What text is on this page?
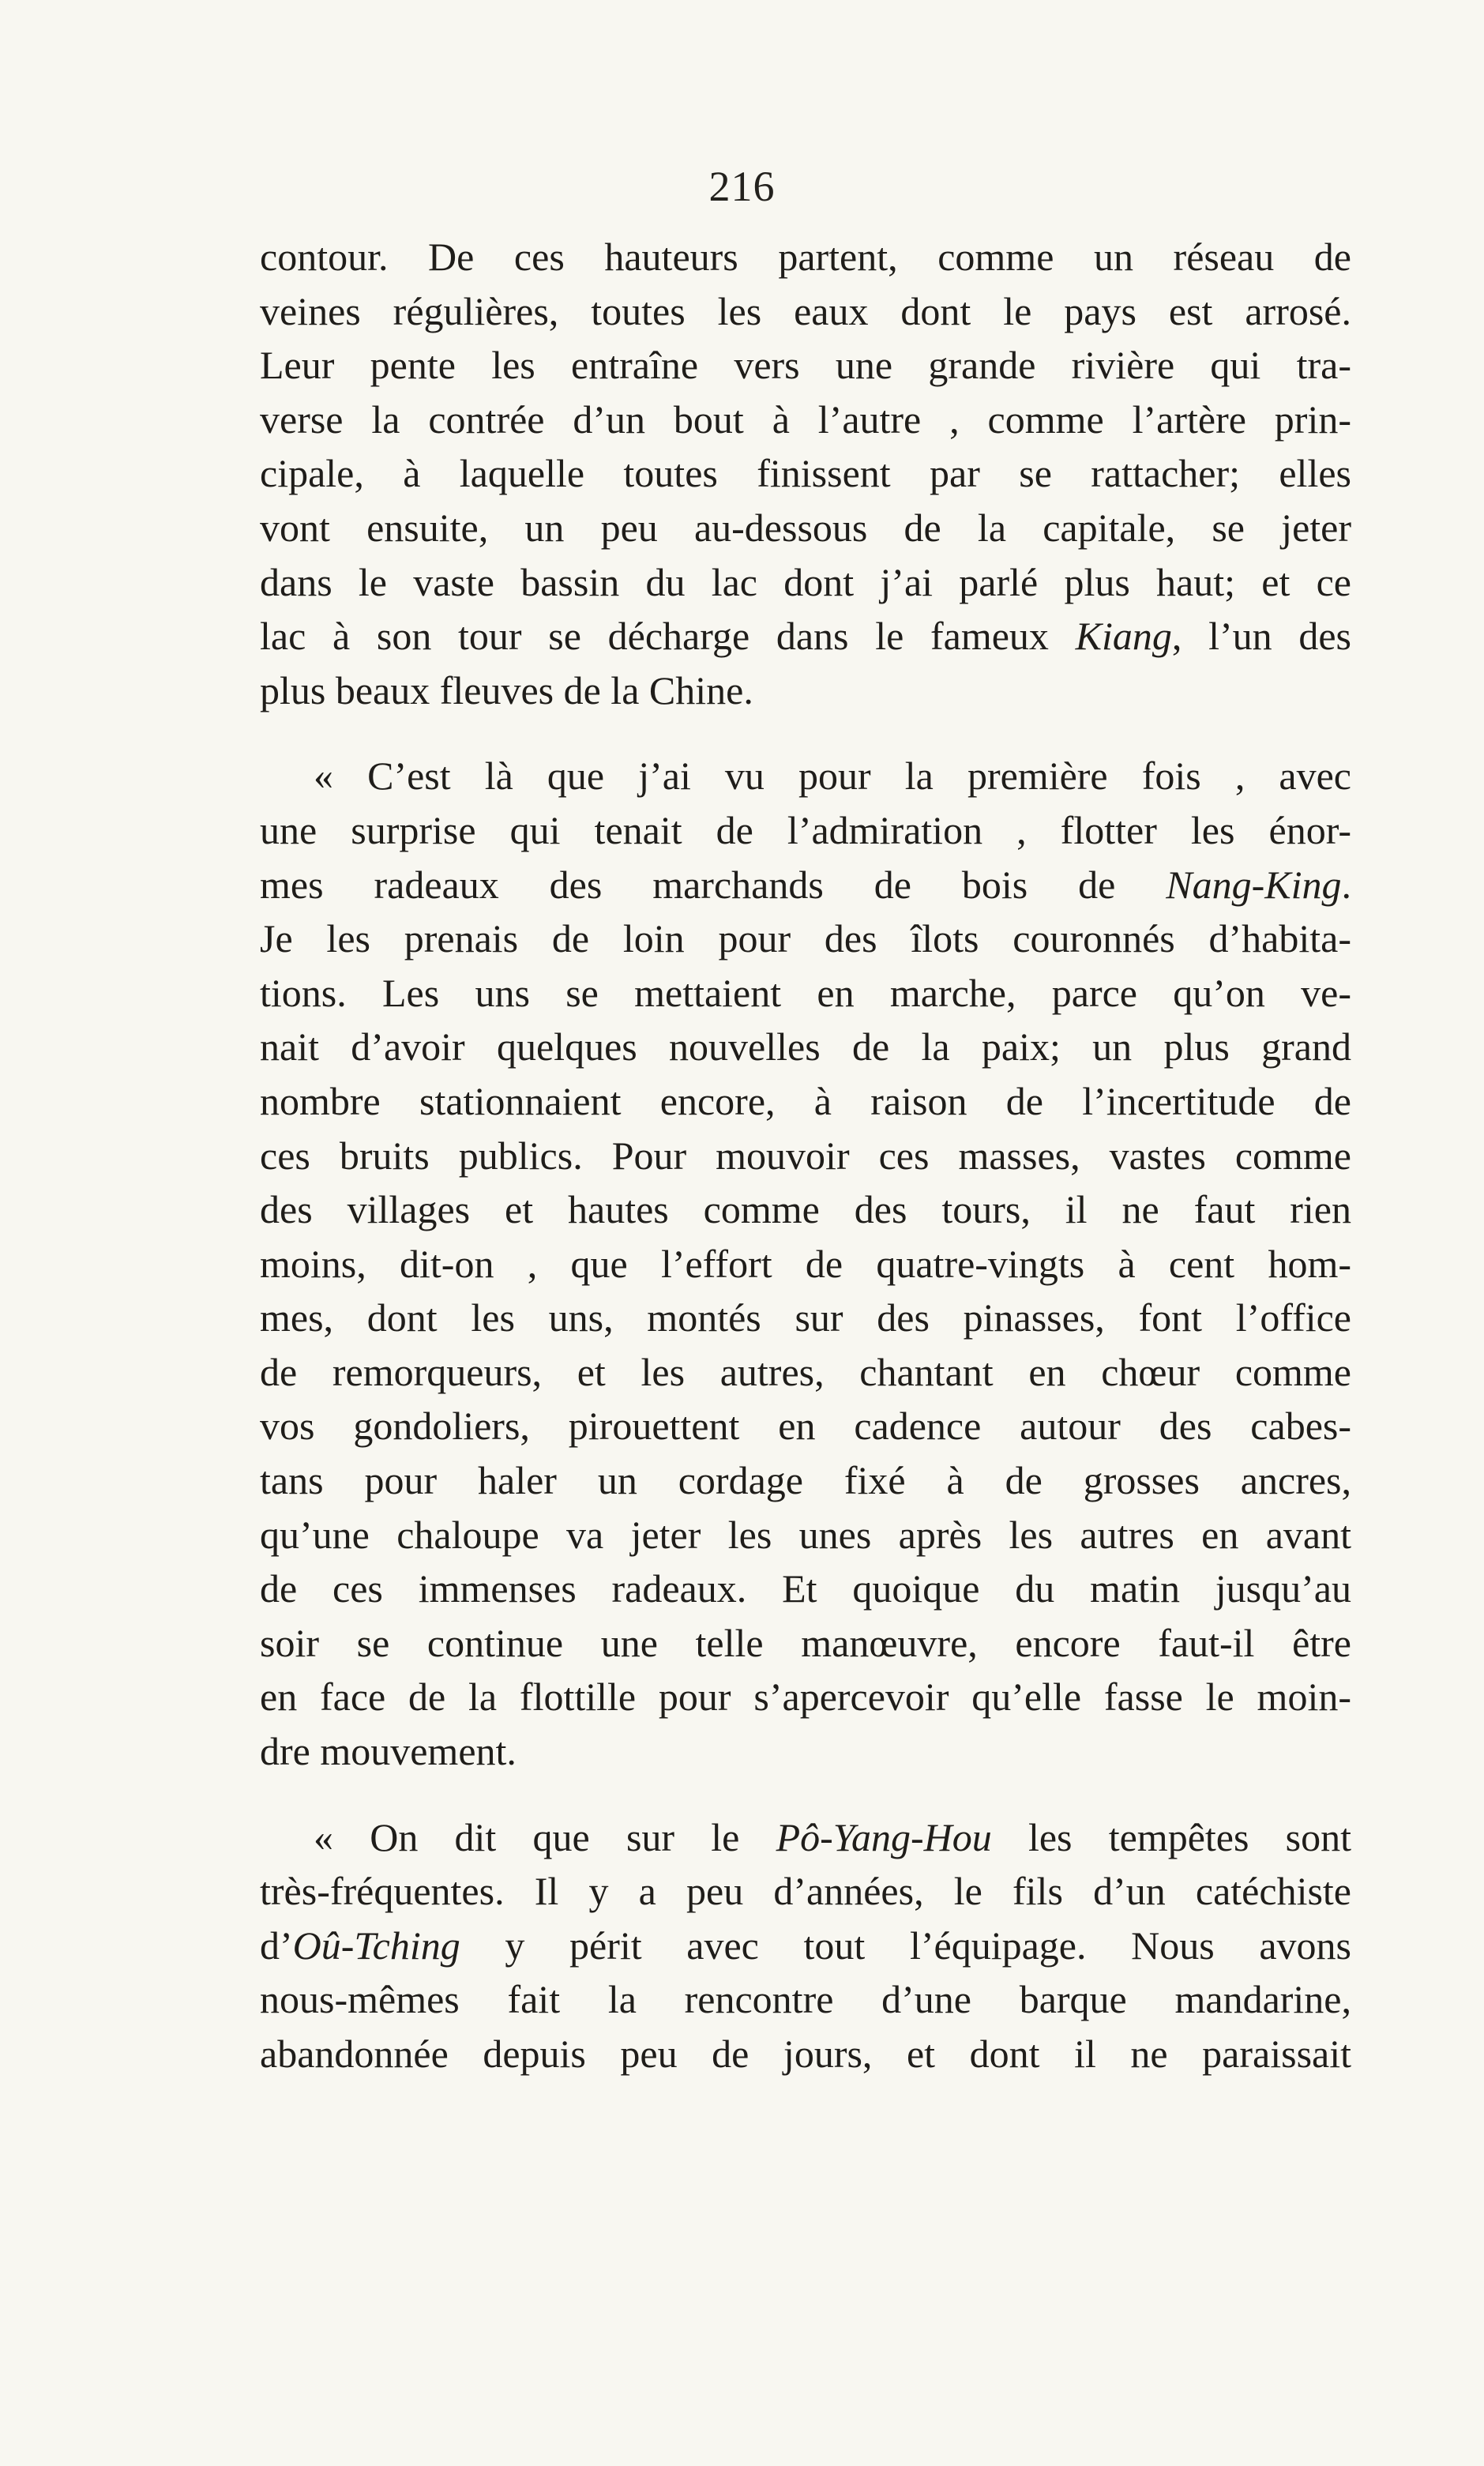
216
contour. De ces hauteurs partent, comme un réseau de
veines régulières, toutes les eaux dont le pays est arrosé.
Leur pente les entraîne vers une grande rivière qui tra-
verse la contrée d’un bout à l’autre , comme l’artère prin-
cipale, à laquelle toutes finissent par se rattacher; elles
vont ensuite, un peu au-dessous de la capitale, se jeter
dans le vaste bassin du lac dont j’ai parlé plus haut; et ce
lac à son tour se décharge dans le fameux Kiang, l’un des
plus beaux fleuves de la Chine.
« C’est là que j’ai vu pour la première fois , avec
une surprise qui tenait de l’admiration , flotter les énor-
mes radeaux des marchands de bois de Nang-King.
Je les prenais de loin pour des îlots couronnés d’habita-
tions. Les uns se mettaient en marche, parce qu’on ve-
nait d’avoir quelques nouvelles de la paix; un plus grand
nombre stationnaient encore, à raison de l’incertitude de
ces bruits publics. Pour mouvoir ces masses, vastes comme
des villages et hautes comme des tours, il ne faut rien
moins, dit-on , que l’effort de quatre-vingts à cent hom-
mes, dont les uns, montés sur des pinasses, font l’office
de remorqueurs, et les autres, chantant en chœur comme
vos gondoliers, pirouettent en cadence autour des cabes-
tans pour haler un cordage fixé à de grosses ancres,
qu’une chaloupe va jeter les unes après les autres en avant
de ces immenses radeaux. Et quoique du matin jusqu’au
soir se continue une telle manœuvre, encore faut-il être
en face de la flottille pour s’apercevoir qu’elle fasse le moin-
dre mouvement.
« On dit que sur le Pô-Yang-Hou les tempêtes sont
très-fréquentes. Il y a peu d’années, le fils d’un catéchiste
d’Oû-Tching y périt avec tout l’équipage. Nous avons
nous-mêmes fait la rencontre d’une barque mandarine,
abandonnée depuis peu de jours, et dont il ne paraissait
